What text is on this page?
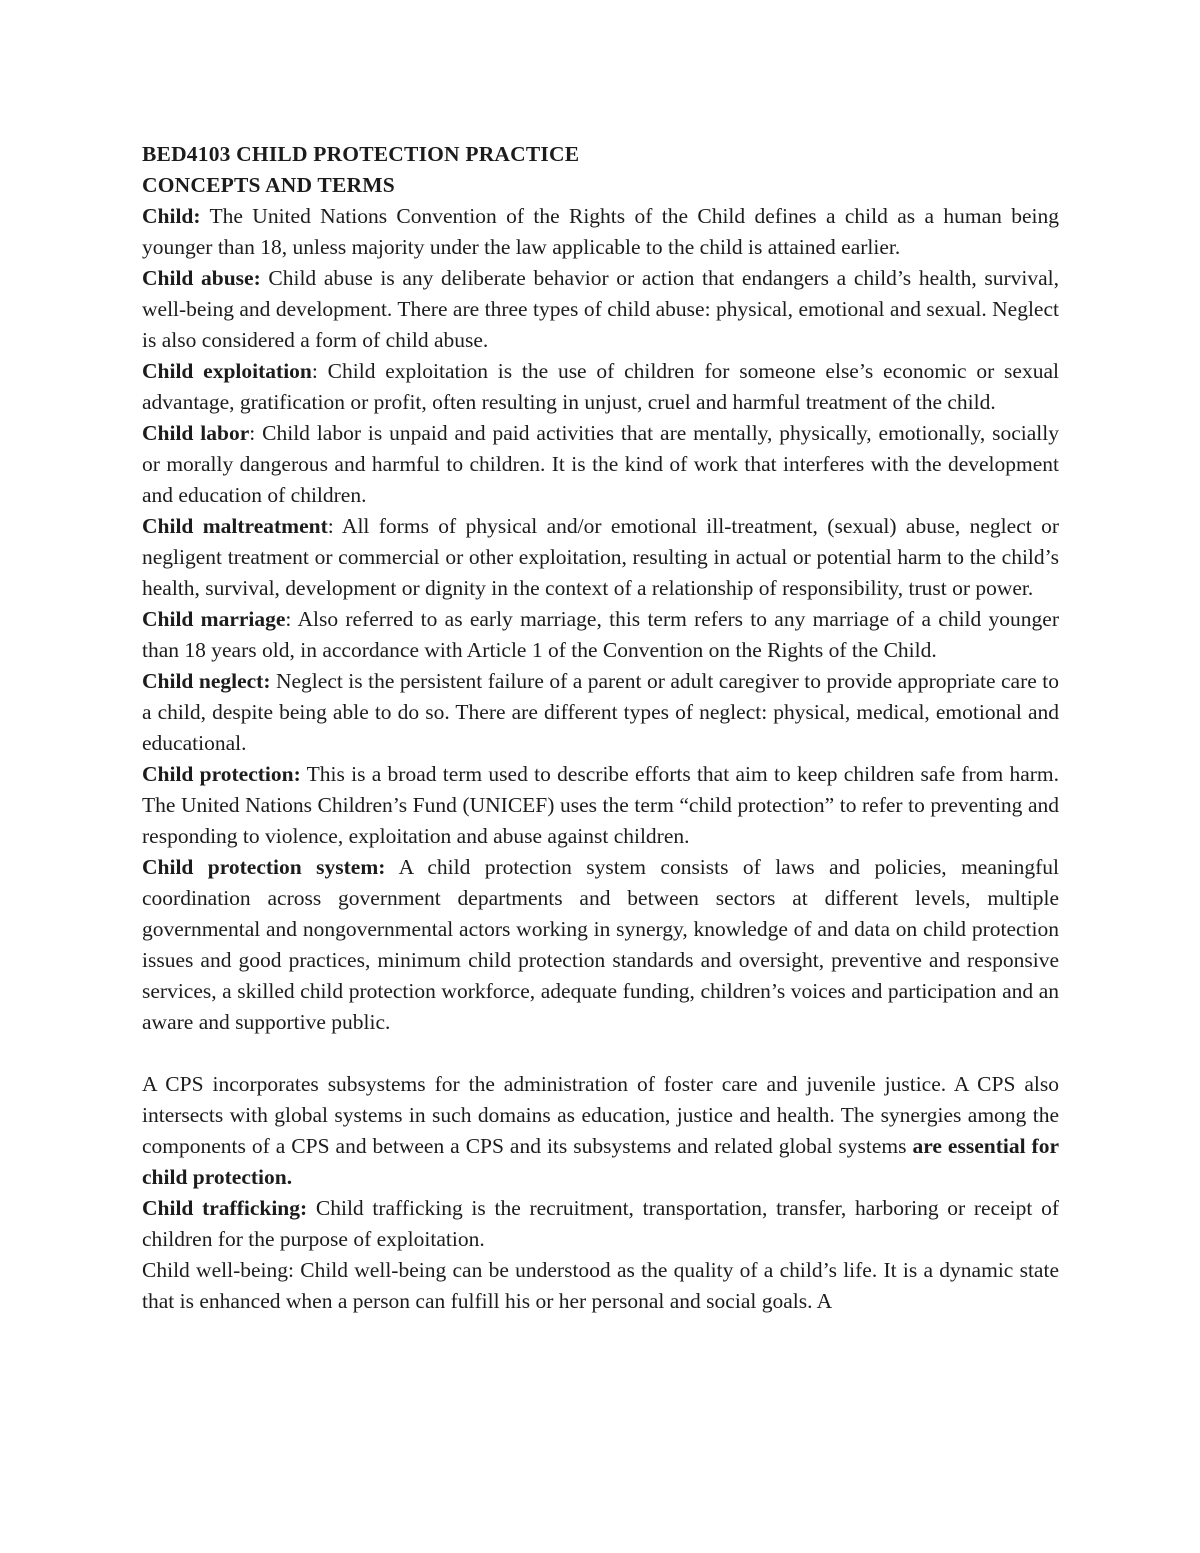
BED4103 CHILD PROTECTION PRACTICE
CONCEPTS AND TERMS

Child: The United Nations Convention of the Rights of the Child defines a child as a human being younger than 18, unless majority under the law applicable to the child is attained earlier.

Child abuse: Child abuse is any deliberate behavior or action that endangers a child’s health, survival, well-being and development. There are three types of child abuse: physical, emotional and sexual. Neglect is also considered a form of child abuse.

Child exploitation: Child exploitation is the use of children for someone else’s economic or sexual advantage, gratification or profit, often resulting in unjust, cruel and harmful treatment of the child.

Child labor: Child labor is unpaid and paid activities that are mentally, physically, emotionally, socially or morally dangerous and harmful to children. It is the kind of work that interferes with the development and education of children.

Child maltreatment: All forms of physical and/or emotional ill-treatment, (sexual) abuse, neglect or negligent treatment or commercial or other exploitation, resulting in actual or potential harm to the child’s health, survival, development or dignity in the context of a relationship of responsibility, trust or power.

Child marriage: Also referred to as early marriage, this term refers to any marriage of a child younger than 18 years old, in accordance with Article 1 of the Convention on the Rights of the Child.

Child neglect: Neglect is the persistent failure of a parent or adult caregiver to provide appropriate care to a child, despite being able to do so. There are different types of neglect: physical, medical, emotional and educational.

Child protection: This is a broad term used to describe efforts that aim to keep children safe from harm. The United Nations Children’s Fund (UNICEF) uses the term “child protection” to refer to preventing and responding to violence, exploitation and abuse against children.

Child protection system: A child protection system consists of laws and policies, meaningful coordination across government departments and between sectors at different levels, multiple governmental and nongovernmental actors working in synergy, knowledge of and data on child protection issues and good practices, minimum child protection standards and oversight, preventive and responsive services, a skilled child protection workforce, adequate funding, children’s voices and participation and an aware and supportive public.

A CPS incorporates subsystems for the administration of foster care and juvenile justice. A CPS also intersects with global systems in such domains as education, justice and health. The synergies among the components of a CPS and between a CPS and its subsystems and related global systems are essential for child protection.

Child trafficking: Child trafficking is the recruitment, transportation, transfer, harboring or receipt of children for the purpose of exploitation.

Child well-being: Child well-being can be understood as the quality of a child’s life. It is a dynamic state that is enhanced when a person can fulfill his or her personal and social goals. A
